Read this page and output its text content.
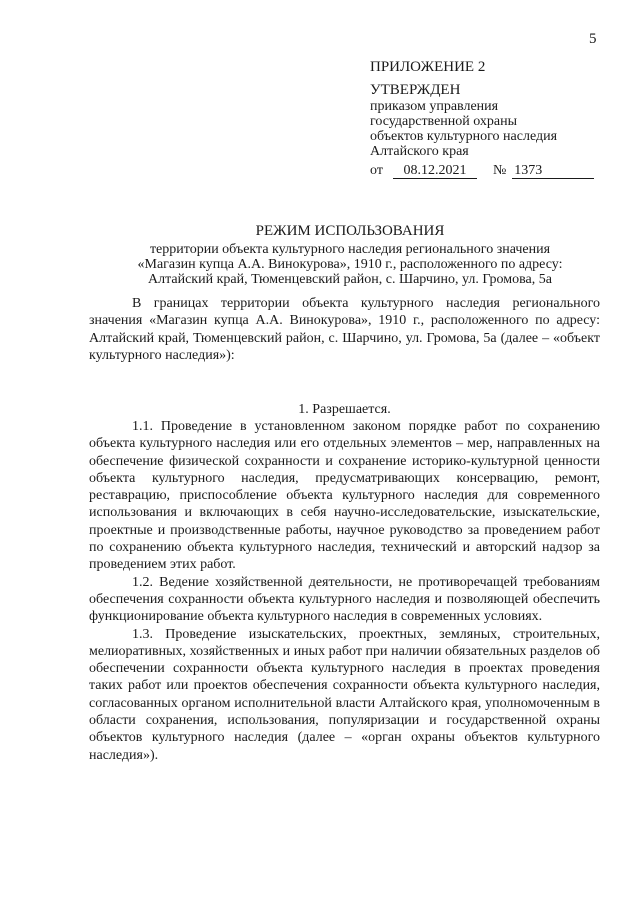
5
ПРИЛОЖЕНИЕ 2
УТВЕРЖДЕН
приказом управления
государственной охраны
объектов культурного наследия
Алтайского края
от 08.12.2021 № 1373
РЕЖИМ ИСПОЛЬЗОВАНИЯ
территории объекта культурного наследия регионального значения
«Магазин купца А.А. Винокурова», 1910 г., расположенного по адресу:
Алтайский край, Тюменцевский район, с. Шарчино, ул. Громова, 5а

В границах территории объекта культурного наследия регионального значения «Магазин купца А.А. Винокурова», 1910 г., расположенного по адресу: Алтайский край, Тюменцевский район, с. Шарчино, ул. Громова, 5а (далее – «объект культурного наследия»):

1. Разрешается.

1.1. Проведение в установленном законом порядке работ по сохранению объекта культурного наследия или его отдельных элементов – мер, направленных на обеспечение физической сохранности и сохранение историко-культурной ценности объекта культурного наследия, предусматривающих консервацию, ремонт, реставрацию, приспособление объекта культурного наследия для современного использования и включающих в себя научно-исследовательские, изыскательские, проектные и производственные работы, научное руководство за проведением работ по сохранению объекта культурного наследия, технический и авторский надзор за проведением этих работ.

1.2. Ведение хозяйственной деятельности, не противоречащей требованиям обеспечения сохранности объекта культурного наследия и позволяющей обеспечить функционирование объекта культурного наследия в современных условиях.

1.3. Проведение изыскательских, проектных, земляных, строительных, мелиоративных, хозяйственных и иных работ при наличии обязательных разделов об обеспечении сохранности объекта культурного наследия в проектах проведения таких работ или проектов обеспечения сохранности объекта культурного наследия, согласованных органом исполнительной власти Алтайского края, уполномоченным в области сохранения, использования, популяризации и государственной охраны объектов культурного наследия (далее – «орган охраны объектов культурного наследия»).
